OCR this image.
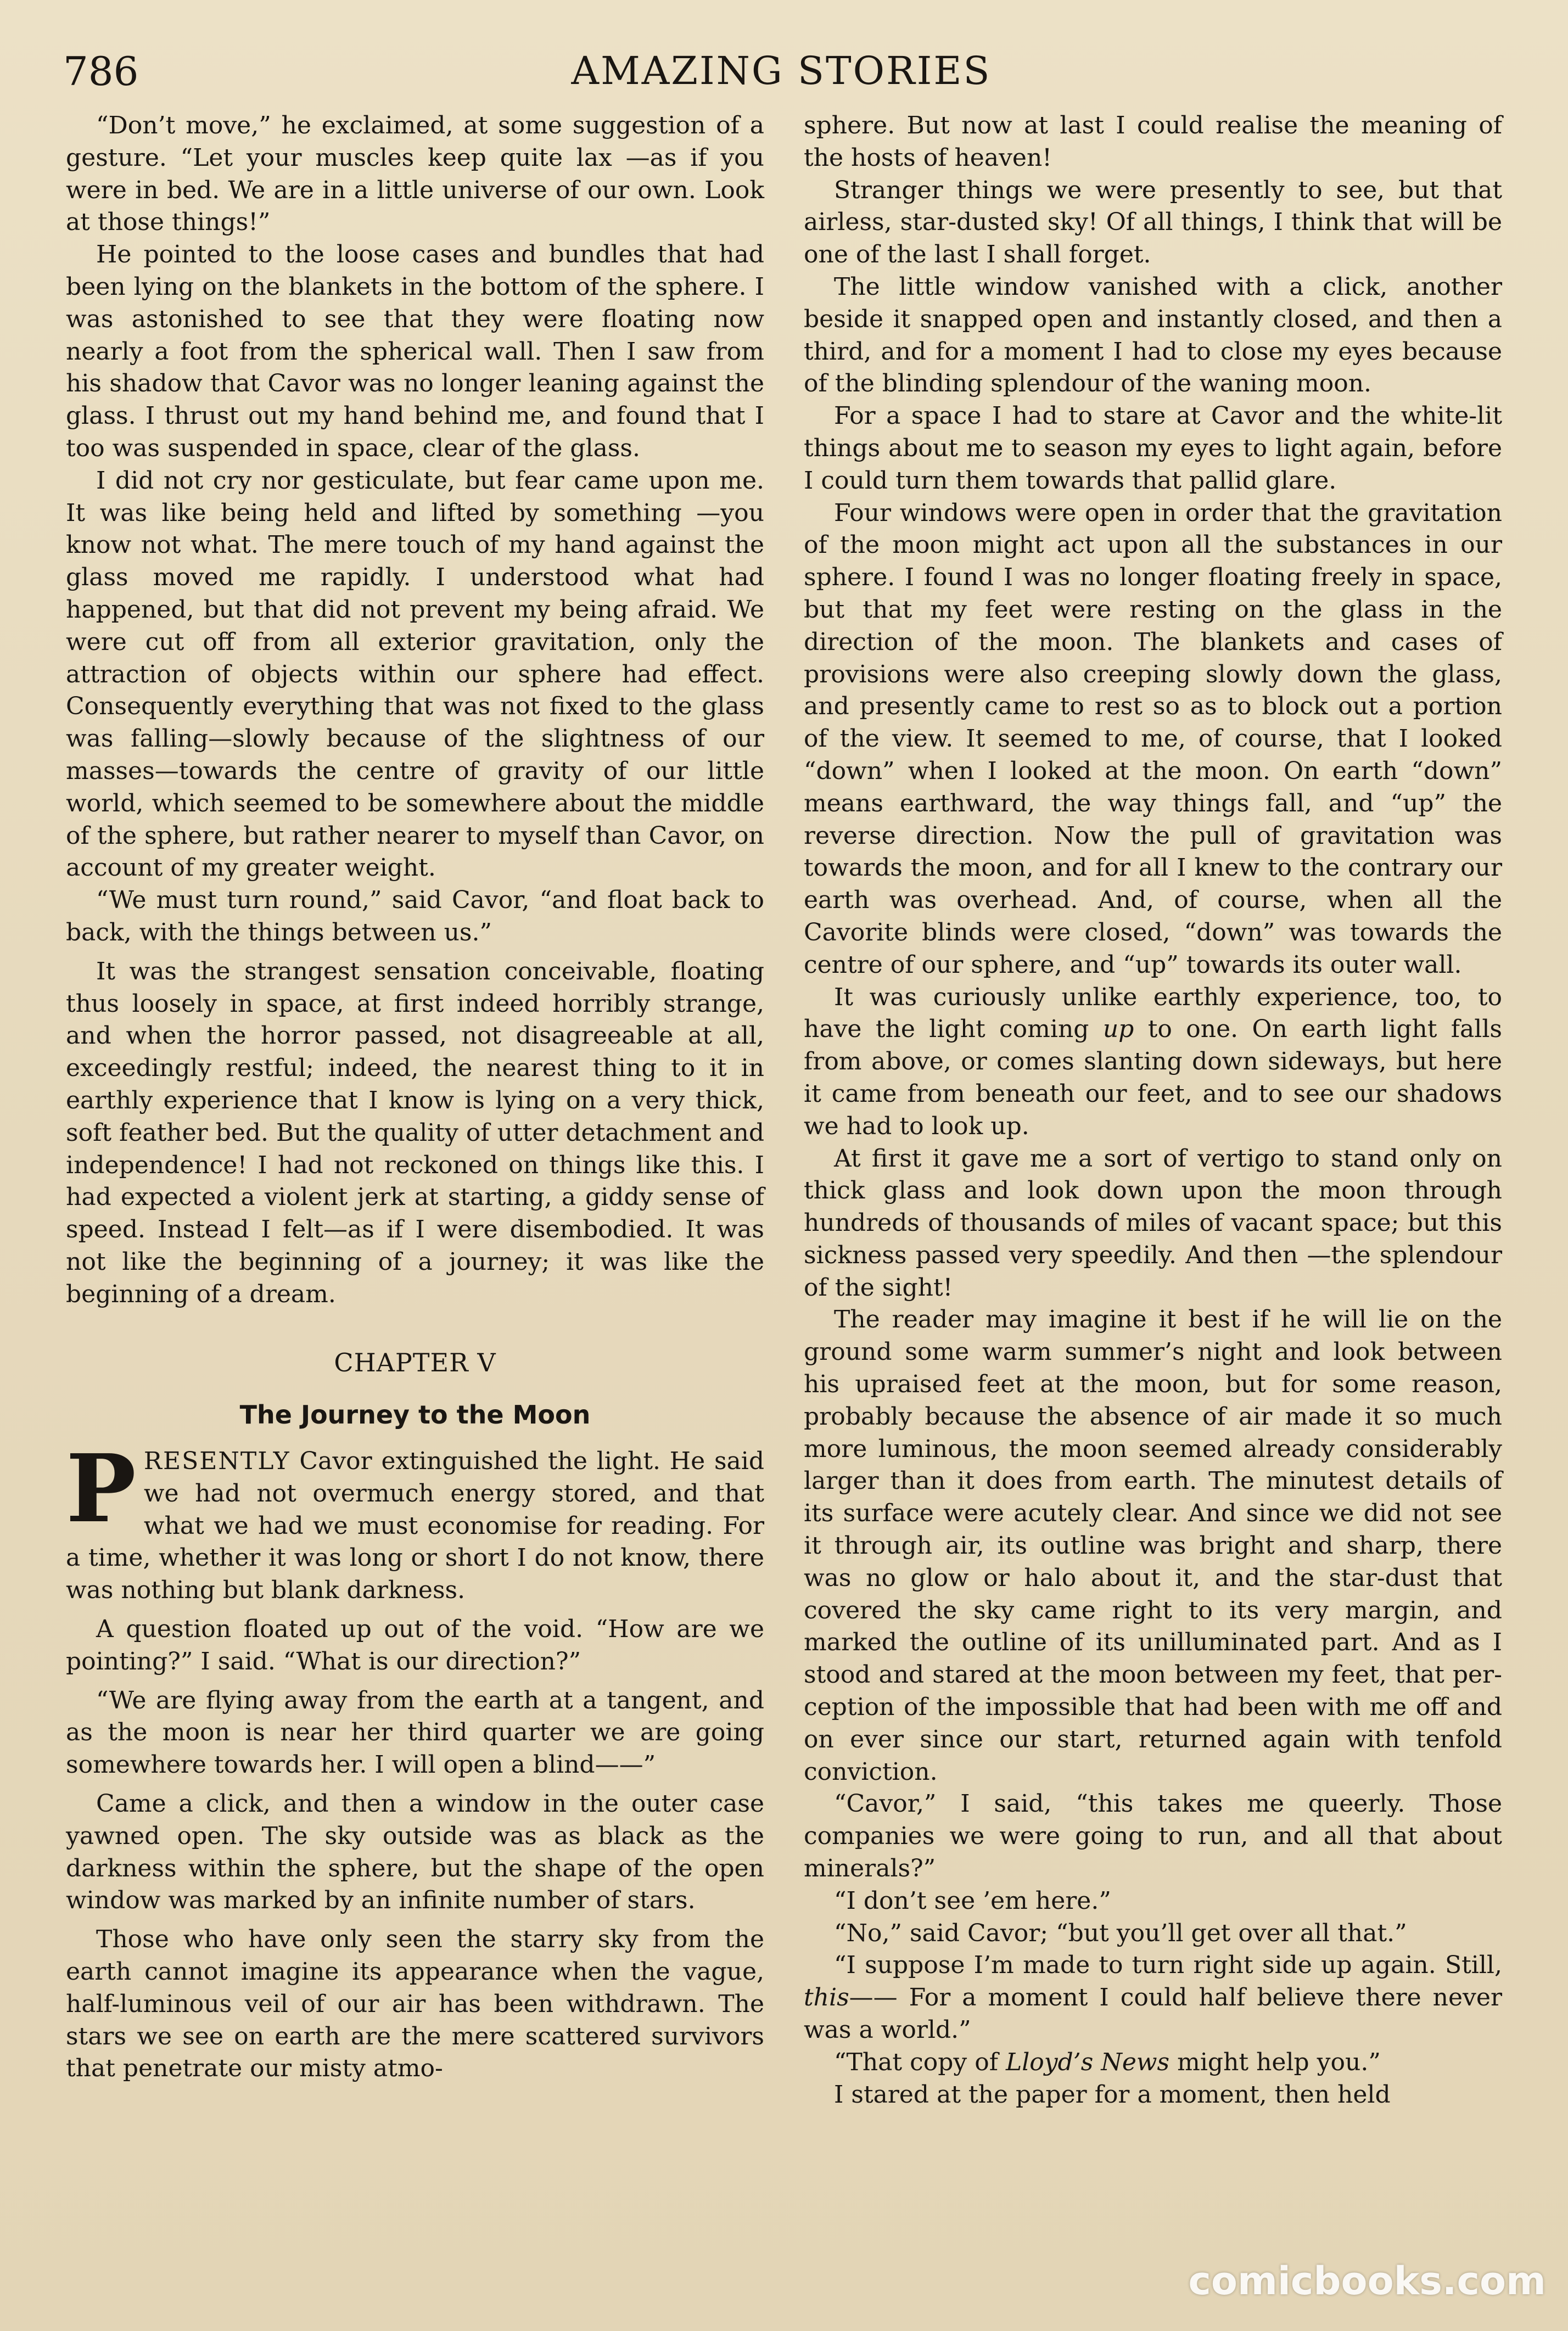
786	AMAZING STORIES

“Don’t move,” he exclaimed, at some suggestion of a gesture. “Let your muscles keep quite lax —as if you were in bed. We are in a little universe of our own. Look at those things!”

He pointed to the loose cases and bundles that had been lying on the blankets in the bottom of the sphere. I was astonished to see that they were floating now nearly a foot from the spherical wall. Then I saw from his shadow that Cavor was no longer leaning against the glass. I thrust out my hand behind me, and found that I too was suspended in space, clear of the glass.

I did not cry nor gesticulate, but fear came upon me. It was like being held and lifted by something —you know not what. The mere touch of my hand against the glass moved me rapidly. I understood what had happened, but that did not prevent my being afraid. We were cut off from all exterior gravitation, only the attraction of objects within our sphere had effect. Consequently everything that was not fixed to the glass was falling—slowly because of the slightness of our masses—towards the centre of gravity of our little world, which seemed to be somewhere about the middle of the sphere, but rather nearer to myself than Cavor, on account of my greater weight.

“We must turn round,” said Cavor, “and float back to back, with the things between us.”

It was the strangest sensation conceivable, floating thus loosely in space, at first indeed horribly strange, and when the horror passed, not disagreeable at all, exceedingly restful; indeed, the nearest thing to it in earthly experience that I know is lying on a very thick, soft feather bed. But the quality of utter detachment and independence! I had not reckoned on things like this. I had expected a violent jerk at starting, a giddy sense of speed. Instead I felt—as if I were disembodied. It was not like the beginning of a journey; it was like the beginning of a dream.

CHAPTER V

The Journey to the Moon

PRESENTLY Cavor extinguished the light. He said we had not overmuch energy stored, and that what we had we must economise for reading. For a time, whether it was long or short I do not know, there was nothing but blank darkness.

A question floated up out of the void. “How are we pointing?” I said. “What is our direction?”

“We are flying away from the earth at a tangent, and as the moon is near her third quarter we are going somewhere towards her. I will open a blind——”

Came a click, and then a window in the outer case yawned open. The sky outside was as black as the darkness within the sphere, but the shape of the open window was marked by an infinite number of stars.

Those who have only seen the starry sky from the earth cannot imagine its appearance when the vague, half-luminous veil of our air has been withdrawn. The stars we see on earth are the mere scattered survivors that penetrate our misty atmo-

sphere. But now at last I could realise the meaning of the hosts of heaven!

Stranger things we were presently to see, but that airless, star-dusted sky! Of all things, I think that will be one of the last I shall forget.

The little window vanished with a click, another beside it snapped open and instantly closed, and then a third, and for a moment I had to close my eyes because of the blinding splendour of the waning moon.

For a space I had to stare at Cavor and the white-lit things about me to season my eyes to light again, before I could turn them towards that pallid glare.

Four windows were open in order that the gravitation of the moon might act upon all the substances in our sphere. I found I was no longer floating freely in space, but that my feet were resting on the glass in the direction of the moon. The blankets and cases of provisions were also creeping slowly down the glass, and presently came to rest so as to block out a portion of the view. It seemed to me, of course, that I looked “down” when I looked at the moon. On earth “down” means earthward, the way things fall, and “up” the reverse direction. Now the pull of gravitation was towards the moon, and for all I knew to the contrary our earth was overhead. And, of course, when all the Cavorite blinds were closed, “down” was towards the centre of our sphere, and “up” towards its outer wall.

It was curiously unlike earthly experience, too, to have the light coming up to one. On earth light falls from above, or comes slanting down sideways, but here it came from beneath our feet, and to see our shadows we had to look up.

At first it gave me a sort of vertigo to stand only on thick glass and look down upon the moon through hundreds of thousands of miles of vacant space; but this sickness passed very speedily. And then —the splendour of the sight!

The reader may imagine it best if he will lie on the ground some warm summer’s night and look between his upraised feet at the moon, but for some reason, probably because the absence of air made it so much more luminous, the moon seemed already considerably larger than it does from earth. The minutest details of its surface were acutely clear. And since we did not see it through air, its outline was bright and sharp, there was no glow or halo about it, and the star-dust that covered the sky came right to its very margin, and marked the outline of its unilluminated part. And as I stood and stared at the moon between my feet, that perception of the impossible that had been with me off and on ever since our start, returned again with tenfold conviction.

“Cavor,” I said, “this takes me queerly. Those companies we were going to run, and all that about minerals?”

“I don’t see ’em here.”

“No,” said Cavor; “but you’ll get over all that.”

“I suppose I’m made to turn right side up again. Still, this—— For a moment I could half believe there never was a world.”

“That copy of Lloyd’s News might help you.”

I stared at the paper for a moment, then held

comicbooks.com
